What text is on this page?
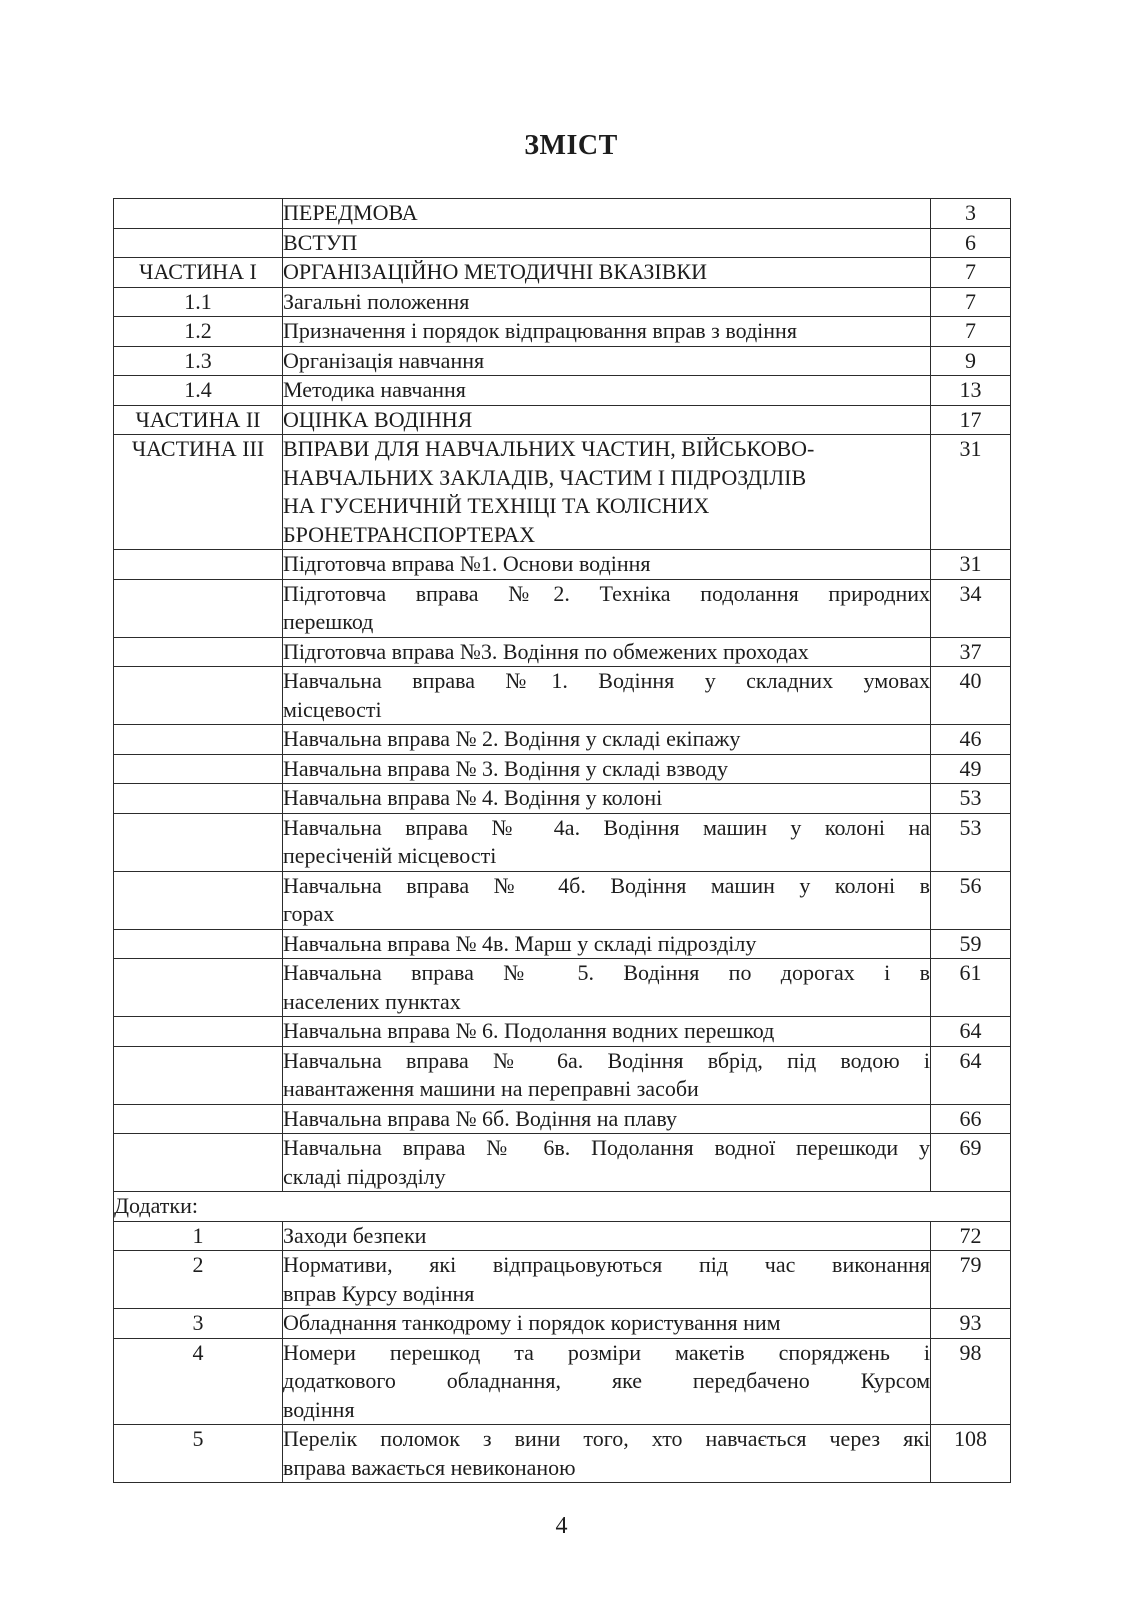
ЗМІСТ

	ПЕРЕДМОВА	3

	ВСТУП	6
ЧАСТИНА I	ОРГАНІЗАЦІЙНО МЕТОДИЧНІ ВКАЗІВКИ	7
1.1	Загальні положення	7
1.2	Призначення і порядок відпрацювання вправ з водіння	7
1.3	Організація навчання	9
1.4	Методика навчання	13
ЧАСТИНА II	ОЦІНКА ВОДІННЯ	17
ЧАСТИНА III	ВПРАВИ ДЛЯ НАВЧАЛЬНИХ ЧАСТИН, ВІЙСЬКОВО-
НАВЧАЛЬНИХ ЗАКЛАДІВ, ЧАСТИМ І ПІДРОЗДІЛІВ
НА ГУСЕНИЧНІЙ ТЕХНІЦІ ТА КОЛІСНИХ
БРОНЕТРАНСПОРТЕРАХ	31

	Підготовча вправа №1. Основи водіння	31

	Підготовча вправа №2. Техніка подолання природних
перешкод	34

	Підготовча вправа №3. Водіння по обмежених проходах	37

	Навчальна вправа №1. Водіння у складних умовах
місцевості	40

	Навчальна вправа № 2. Водіння у складі екіпажу	46

	Навчальна вправа № 3. Водіння у складі взводу	49

	Навчальна вправа № 4. Водіння у колоні	53

	Навчальна вправа № 4а. Водіння машин у колоні на
пересіченій місцевості	53

	Навчальна вправа № 4б. Водіння машин у колоні в
горах	56

	Навчальна вправа № 4в. Марш у складі підрозділу	59

	Навчальна вправа № 5. Водіння по дорогах і в
населених пунктах	61

	Навчальна вправа № 6. Подолання водних перешкод	64

	Навчальна вправа № 6а. Водіння вбрід, під водою і
навантаження машини на переправні засоби	64

	Навчальна вправа № 6б. Водіння на плаву	66

	Навчальна вправа № 6в. Подолання водної перешкоди у
складі підрозділу	69
Додатки:		
1	Заходи безпеки	72
2	Нормативи, які відпрацьовуються під час виконання
вправ Курсу водіння	79
3	Обладнання танкодрому і порядок користування ним	93
4	Номери перешкод та розміри макетів споряджень і
додаткового обладнання, яке передбачено Курсом
водіння	98
5	Перелік поломок з вини того, хто навчається через які
вправа важається невиконаною	108
4
